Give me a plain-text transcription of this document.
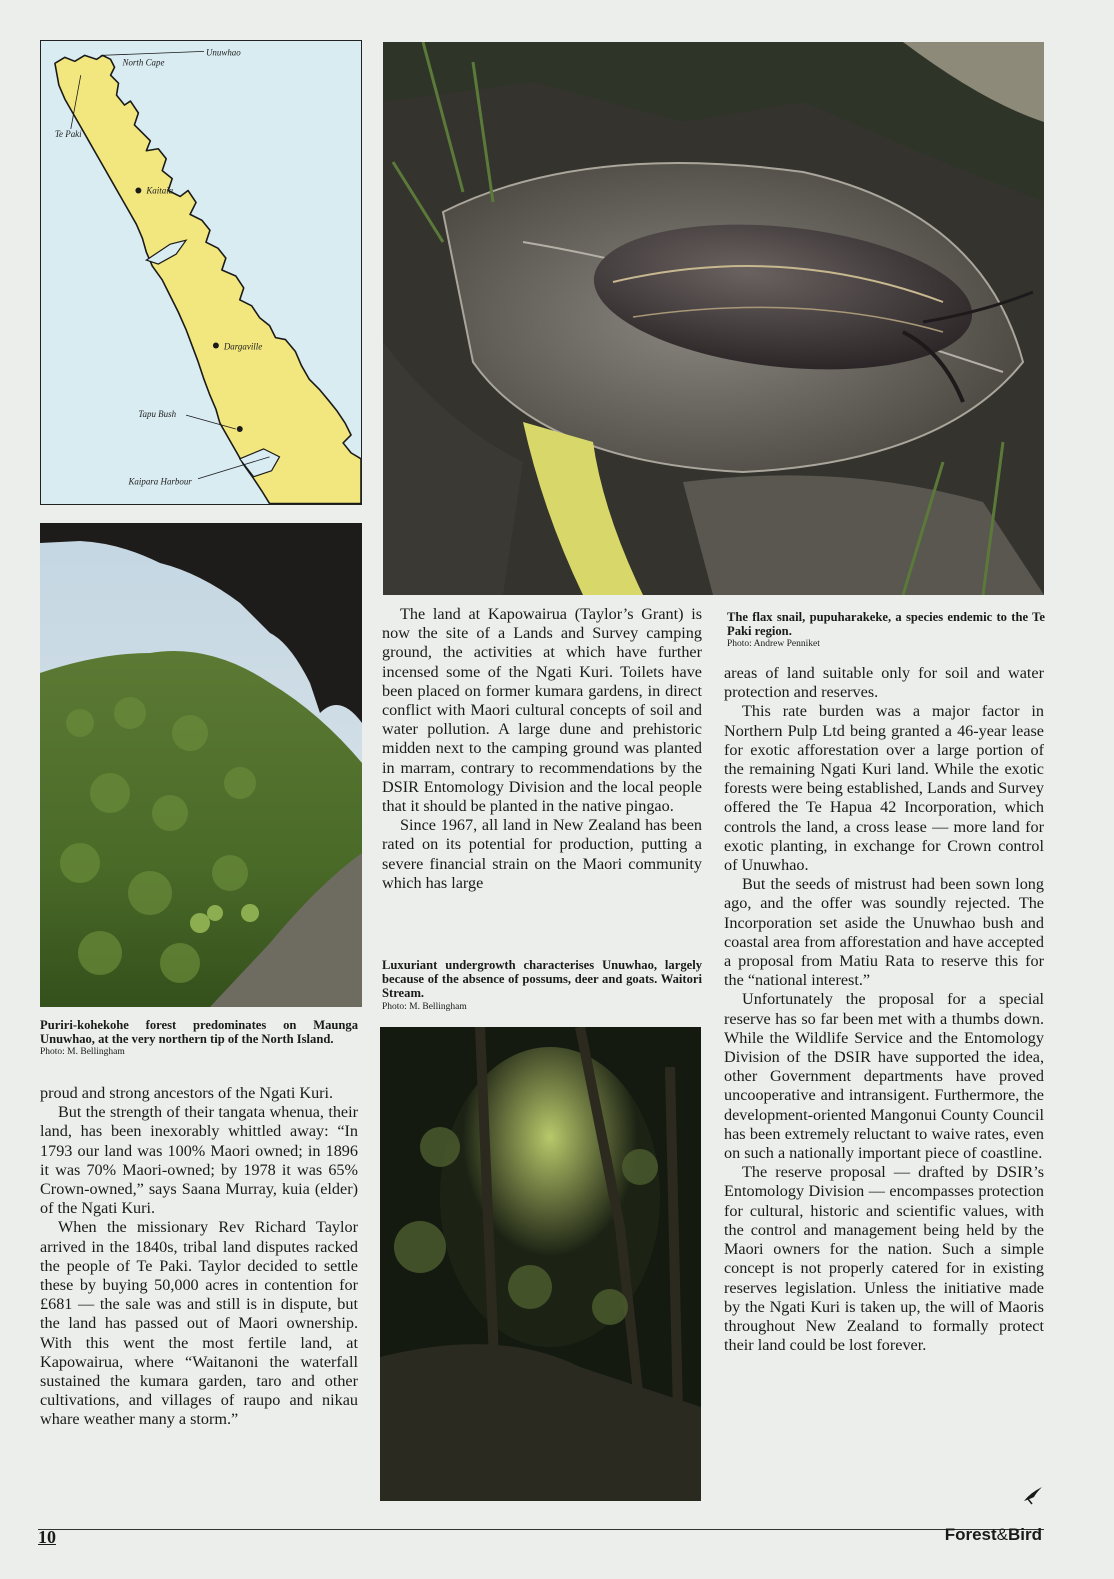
North Cape
Unuwhao
Te Paki
Kaitaia
Dargaville
Tapu Bush
Kaipara Harbour
The flax snail, pupuharakeke, a species endemic to the Te Paki region.
Photo: Andrew Penniket
Puriri-kohekohe forest predominates on Maunga Unuwhao, at the very northern tip of the North Island.
Photo: M. Bellingham
Luxuriant undergrowth characterises Unuwhao, largely because of the absence of possums, deer and goats. Waitori Stream.
Photo: M. Bellingham

proud and strong ancestors of the Ngati Kuri.

But the strength of their tangata whenua, their land, has been inexorably whittled away: “In 1793 our land was 100% Maori owned; in 1896 it was 70% Maori-owned; by 1978 it was 65% Crown-owned,” says Saana Murray, kuia (elder) of the Ngati Kuri.

When the missionary Rev Richard Taylor arrived in the 1840s, tribal land disputes racked the people of Te Paki. Taylor decided to settle these by buying 50,000 acres in contention for £681 — the sale was and still is in dispute, but the land has passed out of Maori ownership. With this went the most fertile land, at Kapowairua, where “Waitanoni the waterfall sustained the kumara garden, taro and other cultivations, and villages of raupo and nikau whare weather many a storm.”

The land at Kapowairua (Taylor’s Grant) is now the site of a Lands and Survey camping ground, the activities at which have further incensed some of the Ngati Kuri. Toilets have been placed on former kumara gardens, in direct conflict with Maori cultural concepts of soil and water pollution. A large dune and prehistoric midden next to the camping ground was planted in marram, contrary to recommendations by the DSIR Entomology Division and the local people that it should be planted in the native pingao.

Since 1967, all land in New Zealand has been rated on its potential for production, putting a severe financial strain on the Maori community which has large

areas of land suitable only for soil and water protection and reserves.

This rate burden was a major factor in Northern Pulp Ltd being granted a 46-year lease for exotic afforestation over a large portion of the remaining Ngati Kuri land. While the exotic forests were being established, Lands and Survey offered the Te Hapua 42 Incorporation, which controls the land, a cross lease — more land for exotic planting, in exchange for Crown control of Unuwhao.

But the seeds of mistrust had been sown long ago, and the offer was soundly rejected. The Incorporation set aside the Unuwhao bush and coastal area from afforestation and have accepted a proposal from Matiu Rata to reserve this for the “national interest.”

Unfortunately the proposal for a special reserve has so far been met with a thumbs down. While the Wildlife Service and the Entomology Division of the DSIR have supported the idea, other Government departments have proved uncooperative and intransigent. Furthermore, the development-oriented Mangonui County Council has been extremely reluctant to waive rates, even on such a nationally important piece of coastline.

The reserve proposal — drafted by DSIR’s Entomology Division — encompasses protection for cultural, historic and scientific values, with the control and management being held by the Maori owners for the nation. Such a simple concept is not properly catered for in existing reserves legislation. Unless the initiative made by the Ngati Kuri is taken up, the will of Maoris throughout New Zealand to formally protect their land could be lost forever.

10	Forest&Bird
